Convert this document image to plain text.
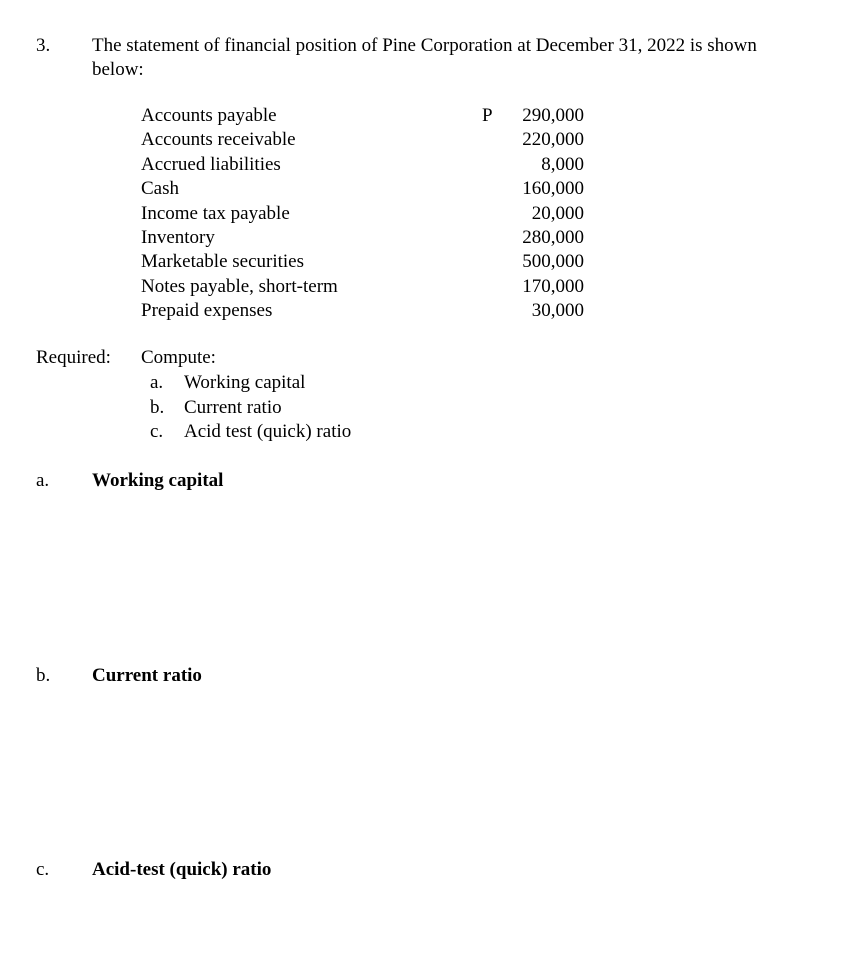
3. The statement of financial position of Pine Corporation at December 31, 2022 is shown below:
Accounts payable	P 290,000
Accounts receivable	220,000
Accrued liabilities	8,000
Cash	160,000
Income tax payable	20,000
Inventory	280,000
Marketable securities	500,000
Notes payable, short-term	170,000
Prepaid expenses	30,000
Required: Compute:
a. Working capital
b. Current ratio
c. Acid test (quick) ratio
a. Working capital
b. Current ratio
c. Acid-test (quick) ratio
